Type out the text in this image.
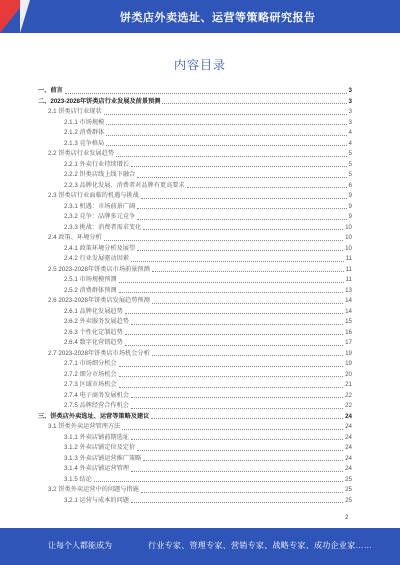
饼类店外卖选址、运营等策略研究报告
内容目录
一、前言	3
二、2023-2028年饼类店行业发展及前景预测	3
2.1 饼类店行业现状	3
2.1.1 市场规模	3
2.1.2 消费群体	4
2.1.3 竞争格局	4
2.2 饼类店行业发展趋势	5
2.2.1 外卖行业持续增长	5
2.2.2 饼类店线上线下融合	5
2.2.3 品牌化发展、消费者对品牌有更高要求	6
2.3 饼类店行业面临的机遇与挑战	9
2.3.1 机遇：市场前景广阔	9
2.3.2 竞争：品牌多元竞争	9
2.3.3 挑战：消费者需求变化	10
2.4 政策、环境分析	10
2.4.1 政策环境分析及展望	10
2.4.2 行业发展驱动因素	11
2.5 2023-2028年饼类店市场前景预测	11
2.5.1 市场规模预测	11
2.5.2 消费群体预测	13
2.6 2023-2028年饼类店发展趋势预测	14
2.6.1 品牌化发展趋势	14
2.6.2 外卖服务发展趋势	15
2.6.3 个性化定制趋势	16
2.6.4 数字化营销趋势	17
2.7 2023-2028年饼类店市场机会分析	19
2.7.1 市场细分机会	19
2.7.2 细分市场机会	20
2.7.3 区域市场机会	21
2.7.4 电子商务发展机会	22
2.7.5 品牌经营合作机会	22
三、饼类店外卖选址、运营等策略及建议	24
3.1 饼类外卖运营管理方法	24
3.1.1 外卖店铺前期选址	24
3.1.2 外卖店铺定位及定价	24
3.1.3 外卖店铺运营推广策略	24
3.1.4 外卖店铺运营管理	24
3.1.5 结论	25
3.2 饼类外卖运营中的问题与措施	25
3.2.1 运营与成本的问题	25
2
让每个人都能成为	行业专家、管理专家、营销专家、战略专家、成功企业家……
